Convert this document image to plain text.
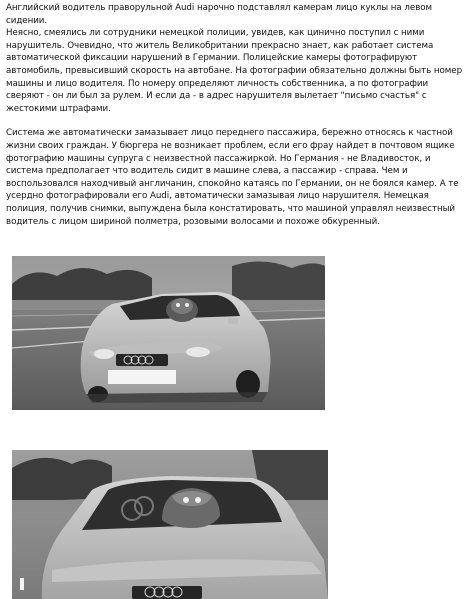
Английский водитель праворульной Audi нарочно подставлял камерам лицо куклы на левом сидении.

Неясно, смеялись ли сотрудники немецкой полиции, увидев, как цинично поступил с ними нарушитель. Очевидно, что житель Великобритании прекрасно знает, как работает система автоматической фиксации нарушений в Германии. Полицейские камеры фотографируют автомобиль, превысивший скорость на автобане. На фотографии обязательно должны быть номер машины и лицо водителя. По номеру определяют личность собственника, а по фотографии сверяют - он ли был за рулем. И если да - в адрес нарушителя вылетает "письмо счастья" с жестокими штрафами.

Система же автоматически замазывает лицо переднего пассажира, бережно относясь к частной жизни своих граждан. У бюргера не возникает проблем, если его фрау найдет в почтовом ящике фотографию машины супруга с неизвестной пассажиркой. Но Германия - не Владивосток, и система предполагает что водитель сидит в машине слева, а пассажир - справа. Чем и воспользовался находчивый англичанин, спокойно катаясь по Германии, он не боялся камер. А те усердно фотографировали его Audi, автоматически замазывая лицо нарушителя. Немецкая полиция, получив снимки, выпуждена была констатировать, что машиной управлял неизвестный водитель с лицом шириной полметра, розовыми волосами и похоже обкуренный.
